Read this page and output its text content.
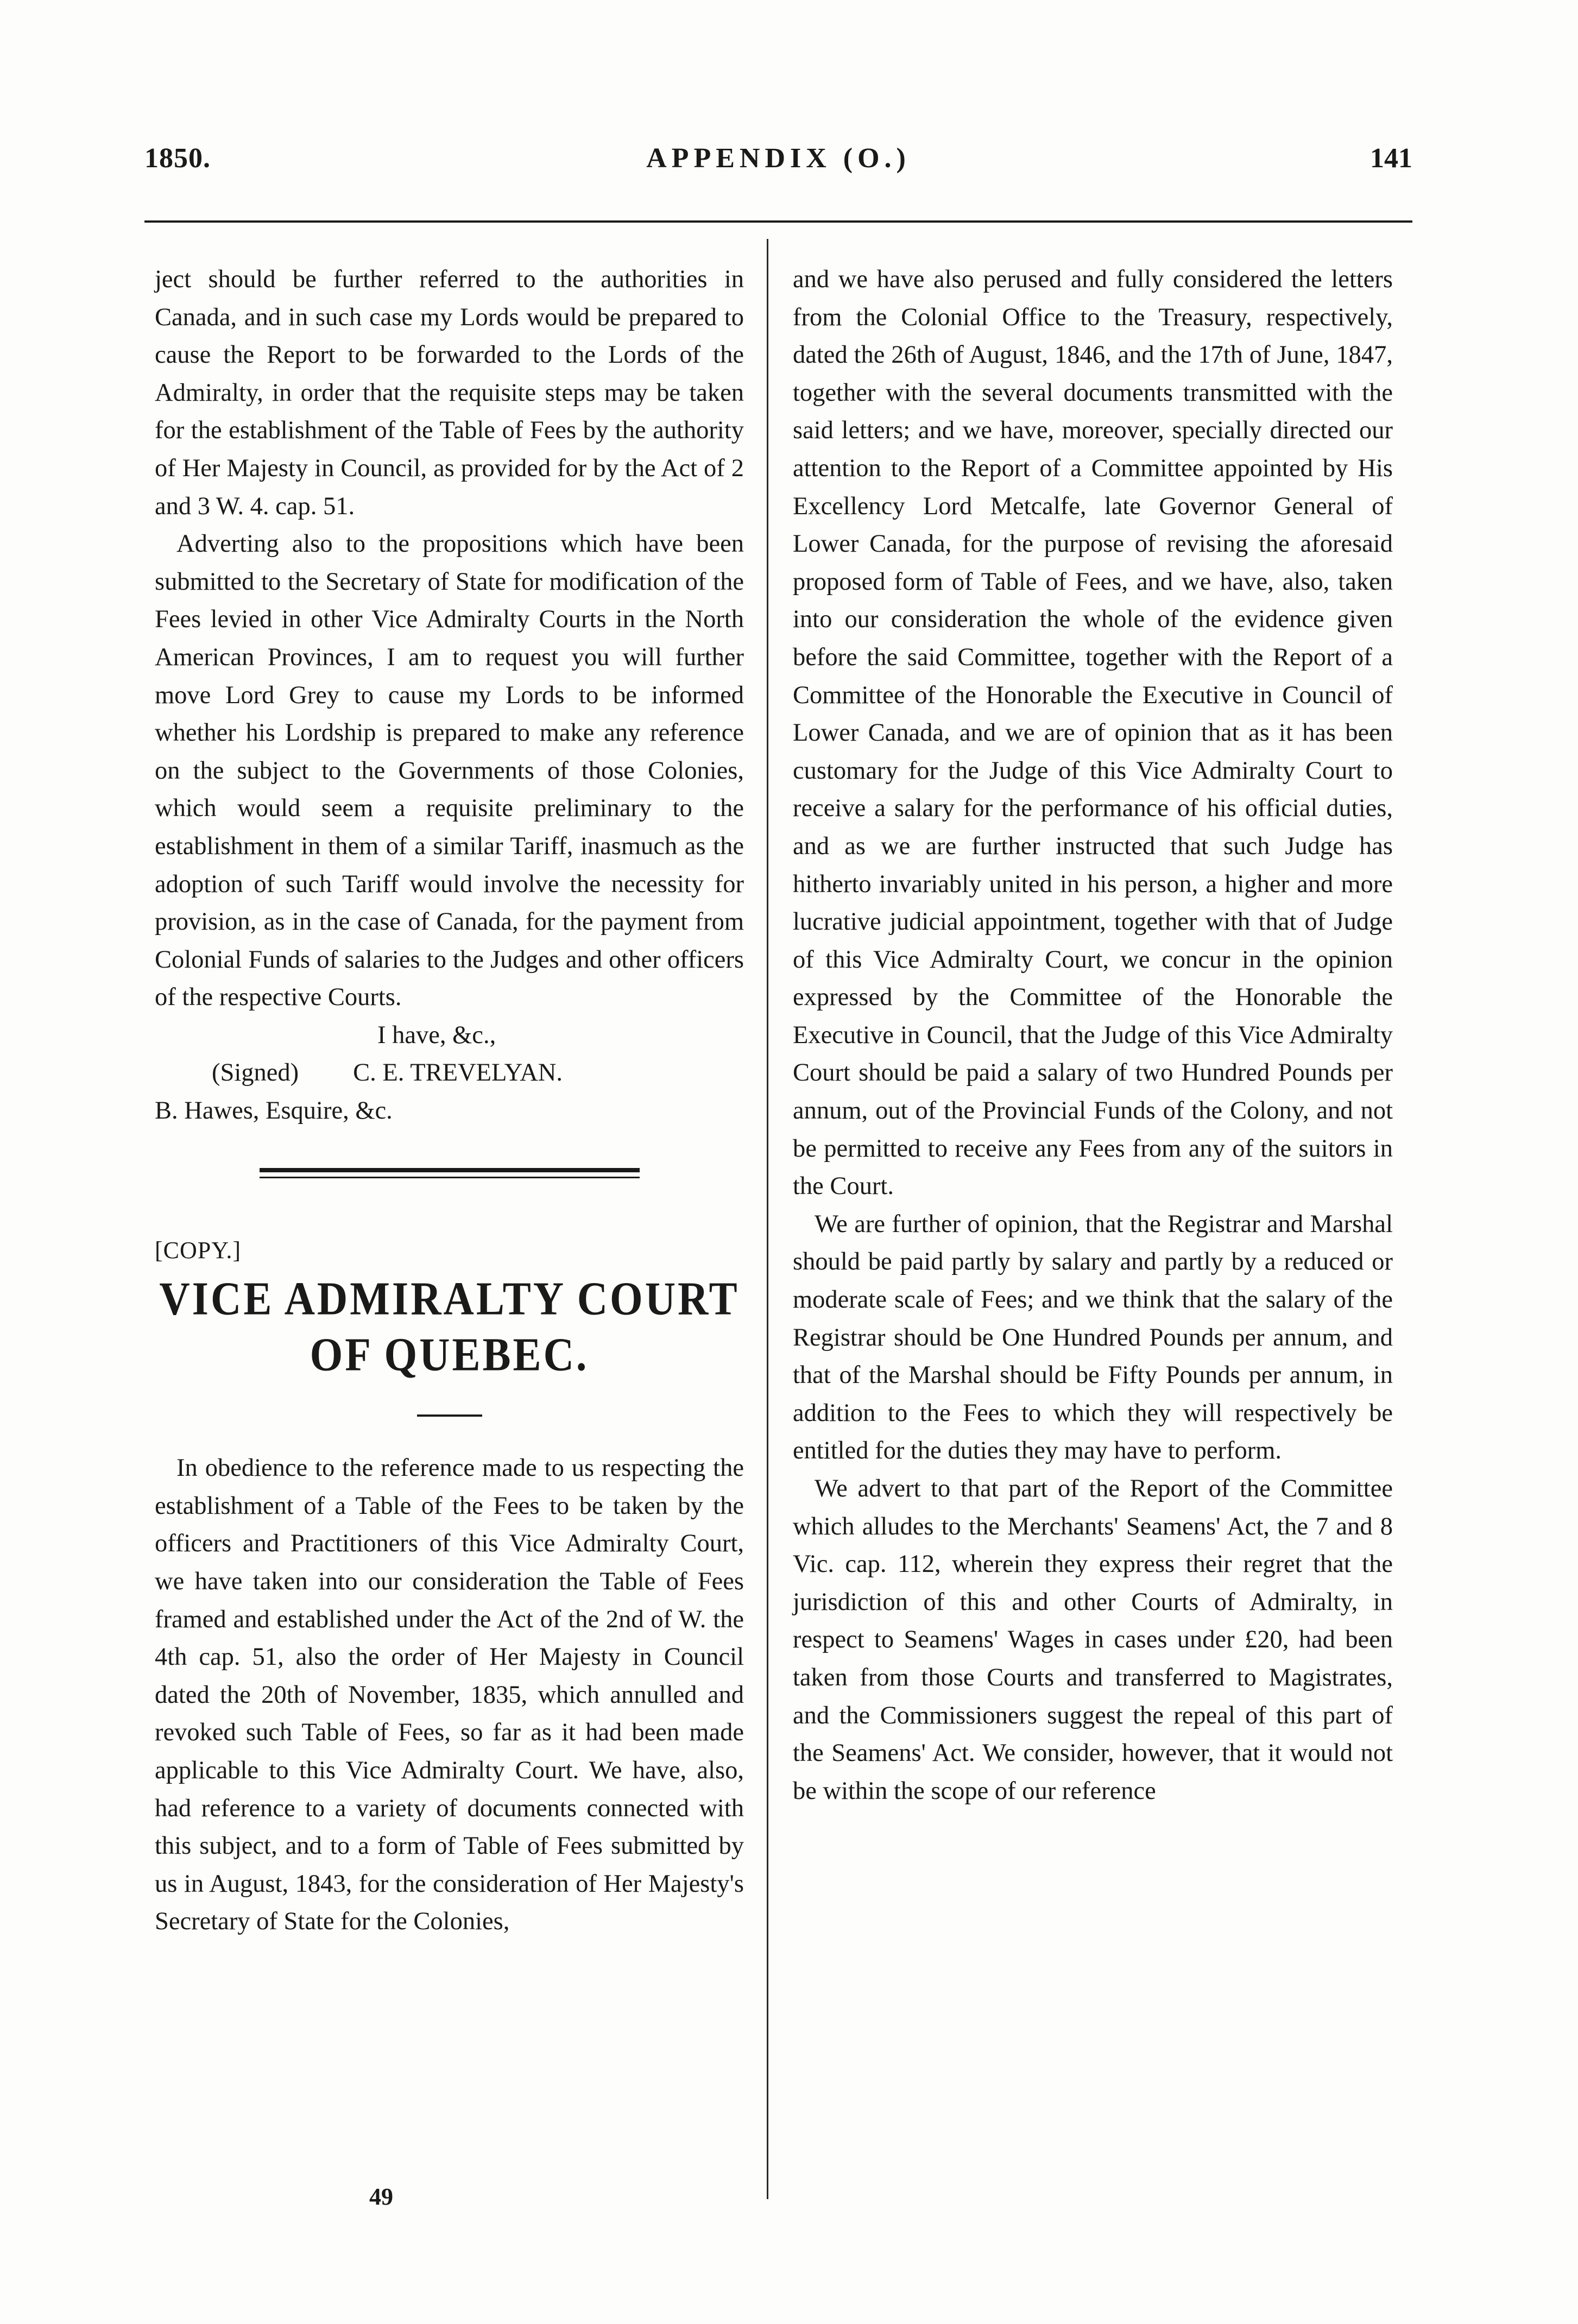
1850.	APPENDIX (O.)	141

ject should be further referred to the authorities in Canada, and in such case my Lords would be prepared to cause the Report to be forwarded to the Lords of the Admiralty, in order that the requisite steps may be taken for the establishment of the Table of Fees by the authority of Her Majesty in Council, as provided for by the Act of 2 and 3 W. 4. cap. 51.

Adverting also to the propositions which have been submitted to the Secretary of State for modification of the Fees levied in other Vice Admiralty Courts in the North American Provinces, I am to request you will further move Lord Grey to cause my Lords to be informed whether his Lordship is prepared to make any reference on the subject to the Governments of those Colonies, which would seem a requisite preliminary to the establishment in them of a similar Tariff, inasmuch as the adoption of such Tariff would involve the necessity for provision, as in the case of Canada, for the payment from Colonial Funds of salaries to the Judges and other officers of the respective Courts.

I have, &c.,
(Signed) C. E. TREVELYAN.
B. Hawes, Esquire, &c.
[COPY.]
VICE ADMIRALTY COURT OF QUEBEC.

In obedience to the reference made to us respecting the establishment of a Table of the Fees to be taken by the officers and Practitioners of this Vice Admiralty Court, we have taken into our consideration the Table of Fees framed and established under the Act of the 2nd of W. the 4th cap. 51, also the order of Her Majesty in Council dated the 20th of November, 1835, which annulled and revoked such Table of Fees, so far as it had been made applicable to this Vice Admiralty Court. We have, also, had reference to a variety of documents connected with this subject, and to a form of Table of Fees submitted by us in August, 1843, for the consideration of Her Majesty's Secretary of State for the Colonies,

and we have also perused and fully considered the letters from the Colonial Office to the Treasury, respectively, dated the 26th of August, 1846, and the 17th of June, 1847, together with the several documents transmitted with the said letters; and we have, moreover, specially directed our attention to the Report of a Committee appointed by His Excellency Lord Metcalfe, late Governor General of Lower Canada, for the purpose of revising the aforesaid proposed form of Table of Fees, and we have, also, taken into our consideration the whole of the evidence given before the said Committee, together with the Report of a Committee of the Honorable the Executive in Council of Lower Canada, and we are of opinion that as it has been customary for the Judge of this Vice Admiralty Court to receive a salary for the performance of his official duties, and as we are further instructed that such Judge has hitherto invariably united in his person, a higher and more lucrative judicial appointment, together with that of Judge of this Vice Admiralty Court, we concur in the opinion expressed by the Committee of the Honorable the Executive in Council, that the Judge of this Vice Admiralty Court should be paid a salary of two Hundred Pounds per annum, out of the Provincial Funds of the Colony, and not be permitted to receive any Fees from any of the suitors in the Court.

We are further of opinion, that the Registrar and Marshal should be paid partly by salary and partly by a reduced or moderate scale of Fees; and we think that the salary of the Registrar should be One Hundred Pounds per annum, and that of the Marshal should be Fifty Pounds per annum, in addition to the Fees to which they will respectively be entitled for the duties they may have to perform.

We advert to that part of the Report of the Committee which alludes to the Merchants' Seamens' Act, the 7 and 8 Vic. cap. 112, wherein they express their regret that the jurisdiction of this and other Courts of Admiralty, in respect to Seamens' Wages in cases under £20, had been taken from those Courts and transferred to Magistrates, and the Commissioners suggest the repeal of this part of the Seamens' Act. We consider, however, that it would not be within the scope of our reference

49
